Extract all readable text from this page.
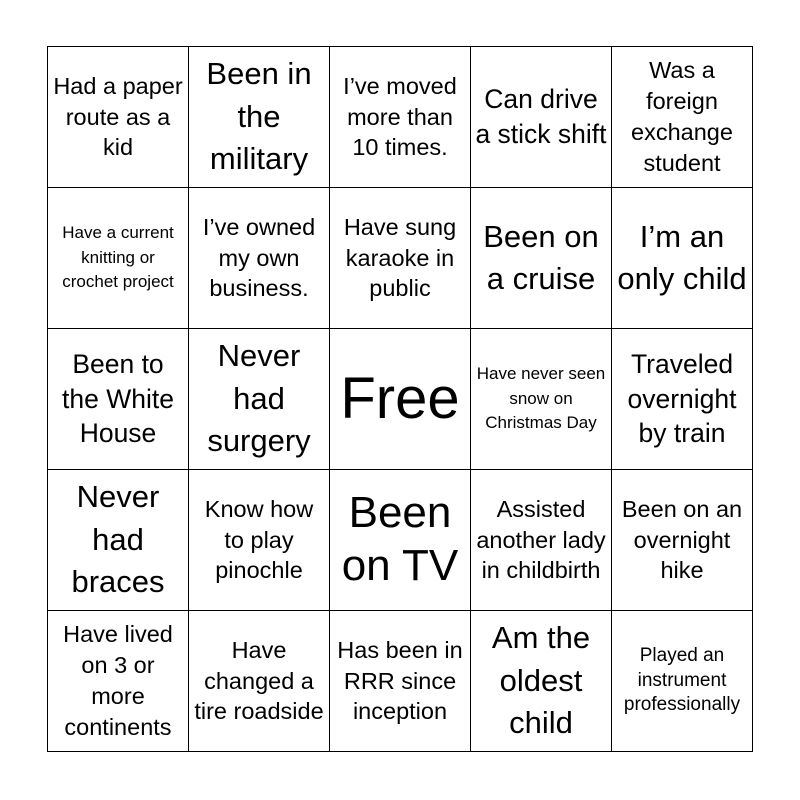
Had a paper route as a kid
Been in the military
I’ve moved more than 10 times.
Can drive a stick shift
Was a foreign exchange student
Have a current knitting or crochet project
I’ve owned my own business.
Have sung karaoke in public
Been on a cruise
I’m an only child
Been to the White House
Never had surgery
Free	Have never seen snow on Christmas Day
Traveled overnight by train
Never had braces
Know how to play pinochle
Been on TV
Assisted another lady in childbirth
Been on an overnight hike
Have lived on 3 or more continents
Have changed a tire roadside
Has been in RRR since inception
Am the oldest child
Played an instrument professionally
